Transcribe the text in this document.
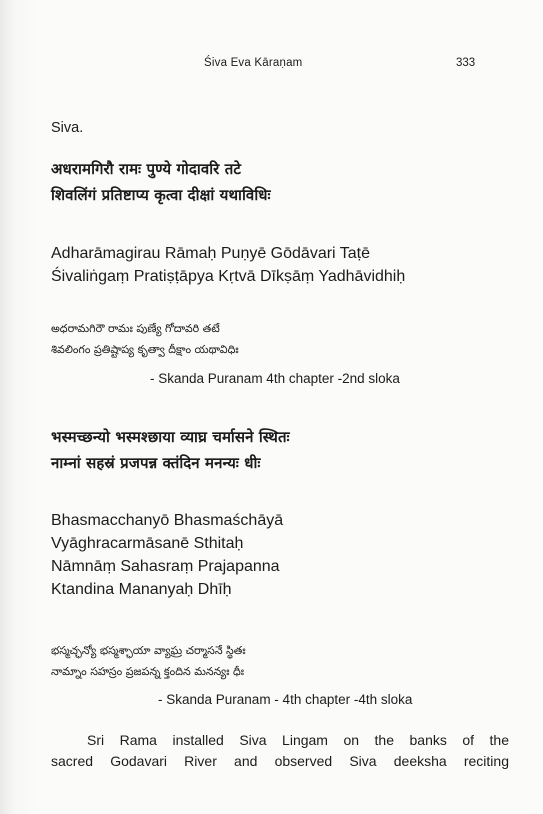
Śiva Eva Kāraṇam	333
Siva.
अधरामगिरौ रामः पुण्ये गोदावरि तटे
शिवलिंगं प्रतिष्टाप्य कृत्वा दीक्षां यथाविधिः
Adharāmagirau Rāmaḥ Puṇyē Gōdāvari Taṭē
Śivaliṅgaṃ Pratiṣṭāpya Kṛtvā Dīkṣāṃ Yadhāvidhiḥ
అధరామగిరౌ రామః పుణ్యే గోదావరి తటే
శివలింగం ప్రతిష్టాప్య కృత్వా దీక్షాం యథావిధిః
- Skanda Puranam 4th chapter -2nd sloka
भस्मच्छन्यो भस्मश्छाया व्याघ्र चर्मासने स्थितः
नाम्नां सहस्रं प्रजपन्न क्तंदिन मनन्यः धीः
Bhasmacchanyō Bhasmaśchāyā
Vyāghracarmāsanē Sthitaḥ
Nāmnāṃ Sahasraṃ Prajapanna
Ktandina Mananyaḥ Dhīḥ
భస్మచ్ఛన్యో భస్మశ్ఛాయా వ్యాఘ్ర చర్మాసనే స్థితః
నామ్నాం సహస్రం ప్రజపన్న క్తందిన మనన్యః ధీః
- Skanda Puranam - 4th chapter -4th sloka
Sri Rama installed Siva Lingam on the banks of the
sacred Godavari River and observed Siva deeksha reciting
